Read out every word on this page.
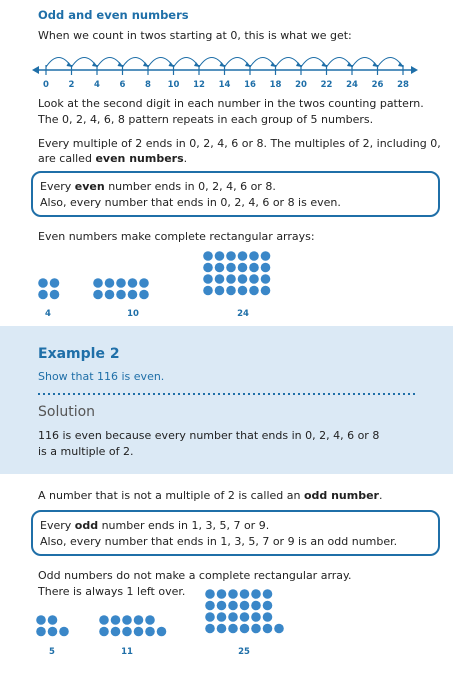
Odd and even numbers
When we count in twos starting at 0, this is what we get:
0 2 4 6 8 10 12 14 16 18 20 22 24 26 28
Look at the second digit in each number in the twos counting pattern.
The 0, 2, 4, 6, 8 pattern repeats in each group of 5 numbers.
Every multiple of 2 ends in 0, 2, 4, 6 or 8. The multiples of 2, including 0,
are called even numbers.
Every even number ends in 0, 2, 4, 6 or 8.
Also, every number that ends in 0, 2, 4, 6 or 8 is even.
Even numbers make complete rectangular arrays:
4	10	24
Example 2
Show that 116 is even.
Solution
116 is even because every number that ends in 0, 2, 4, 6 or 8
is a multiple of 2.
A number that is not a multiple of 2 is called an odd number.
Every odd number ends in 1, 3, 5, 7 or 9.
Also, every number that ends in 1, 3, 5, 7 or 9 is an odd number.
Odd numbers do not make a complete rectangular array.
There is always 1 left over.
5	11	25
